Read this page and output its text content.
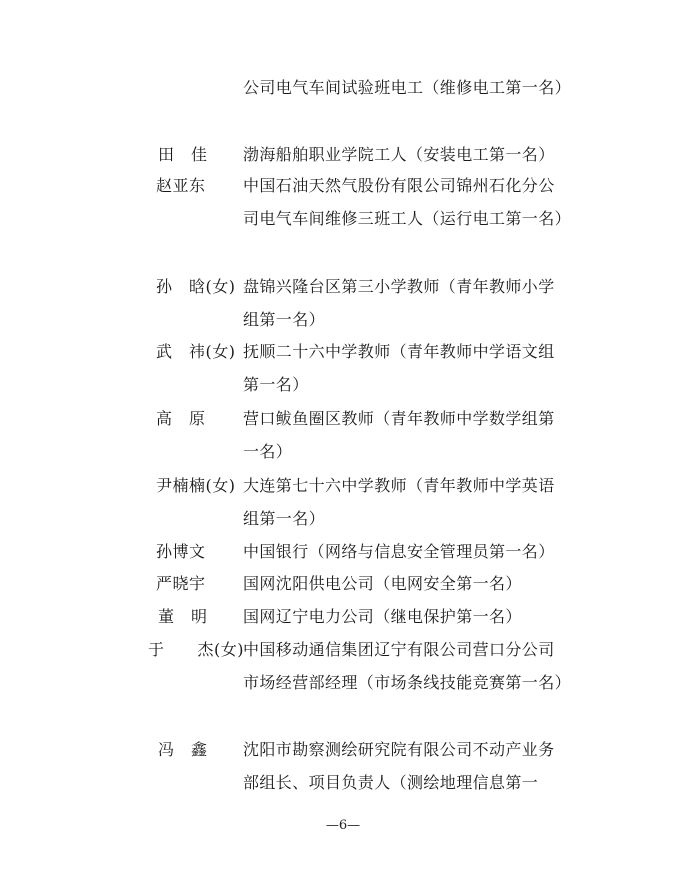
公司电气车间试验班电工（维修电工第一名）
田　佳	渤海船舶职业学院工人（安装电工第一名）
赵亚东	中国石油天然气股份有限公司锦州石化分公司电气车间维修三班工人（运行电工第一名）
孙　晗(女) 盘锦兴隆台区第三小学教师（青年教师小学组第一名）
武　祎(女) 抚顺二十六中学教师（青年教师中学语文组第一名）
高　原	营口鲅鱼圈区教师（青年教师中学数学组第一名）
尹楠楠(女) 大连第七十六中学教师（青年教师中学英语组第一名）
孙博文	中国银行（网络与信息安全管理员第一名）
严晓宇	国网沈阳供电公司（电网安全第一名）
董　明	国网辽宁电力公司（继电保护第一名）
于　　杰(女) 中国移动通信集团辽宁有限公司营口分公司市场经营部经理（市场条线技能竞赛第一名）
冯　鑫	沈阳市勘察测绘研究院有限公司不动产业务部组长、项目负责人（测绘地理信息第一
—6—
